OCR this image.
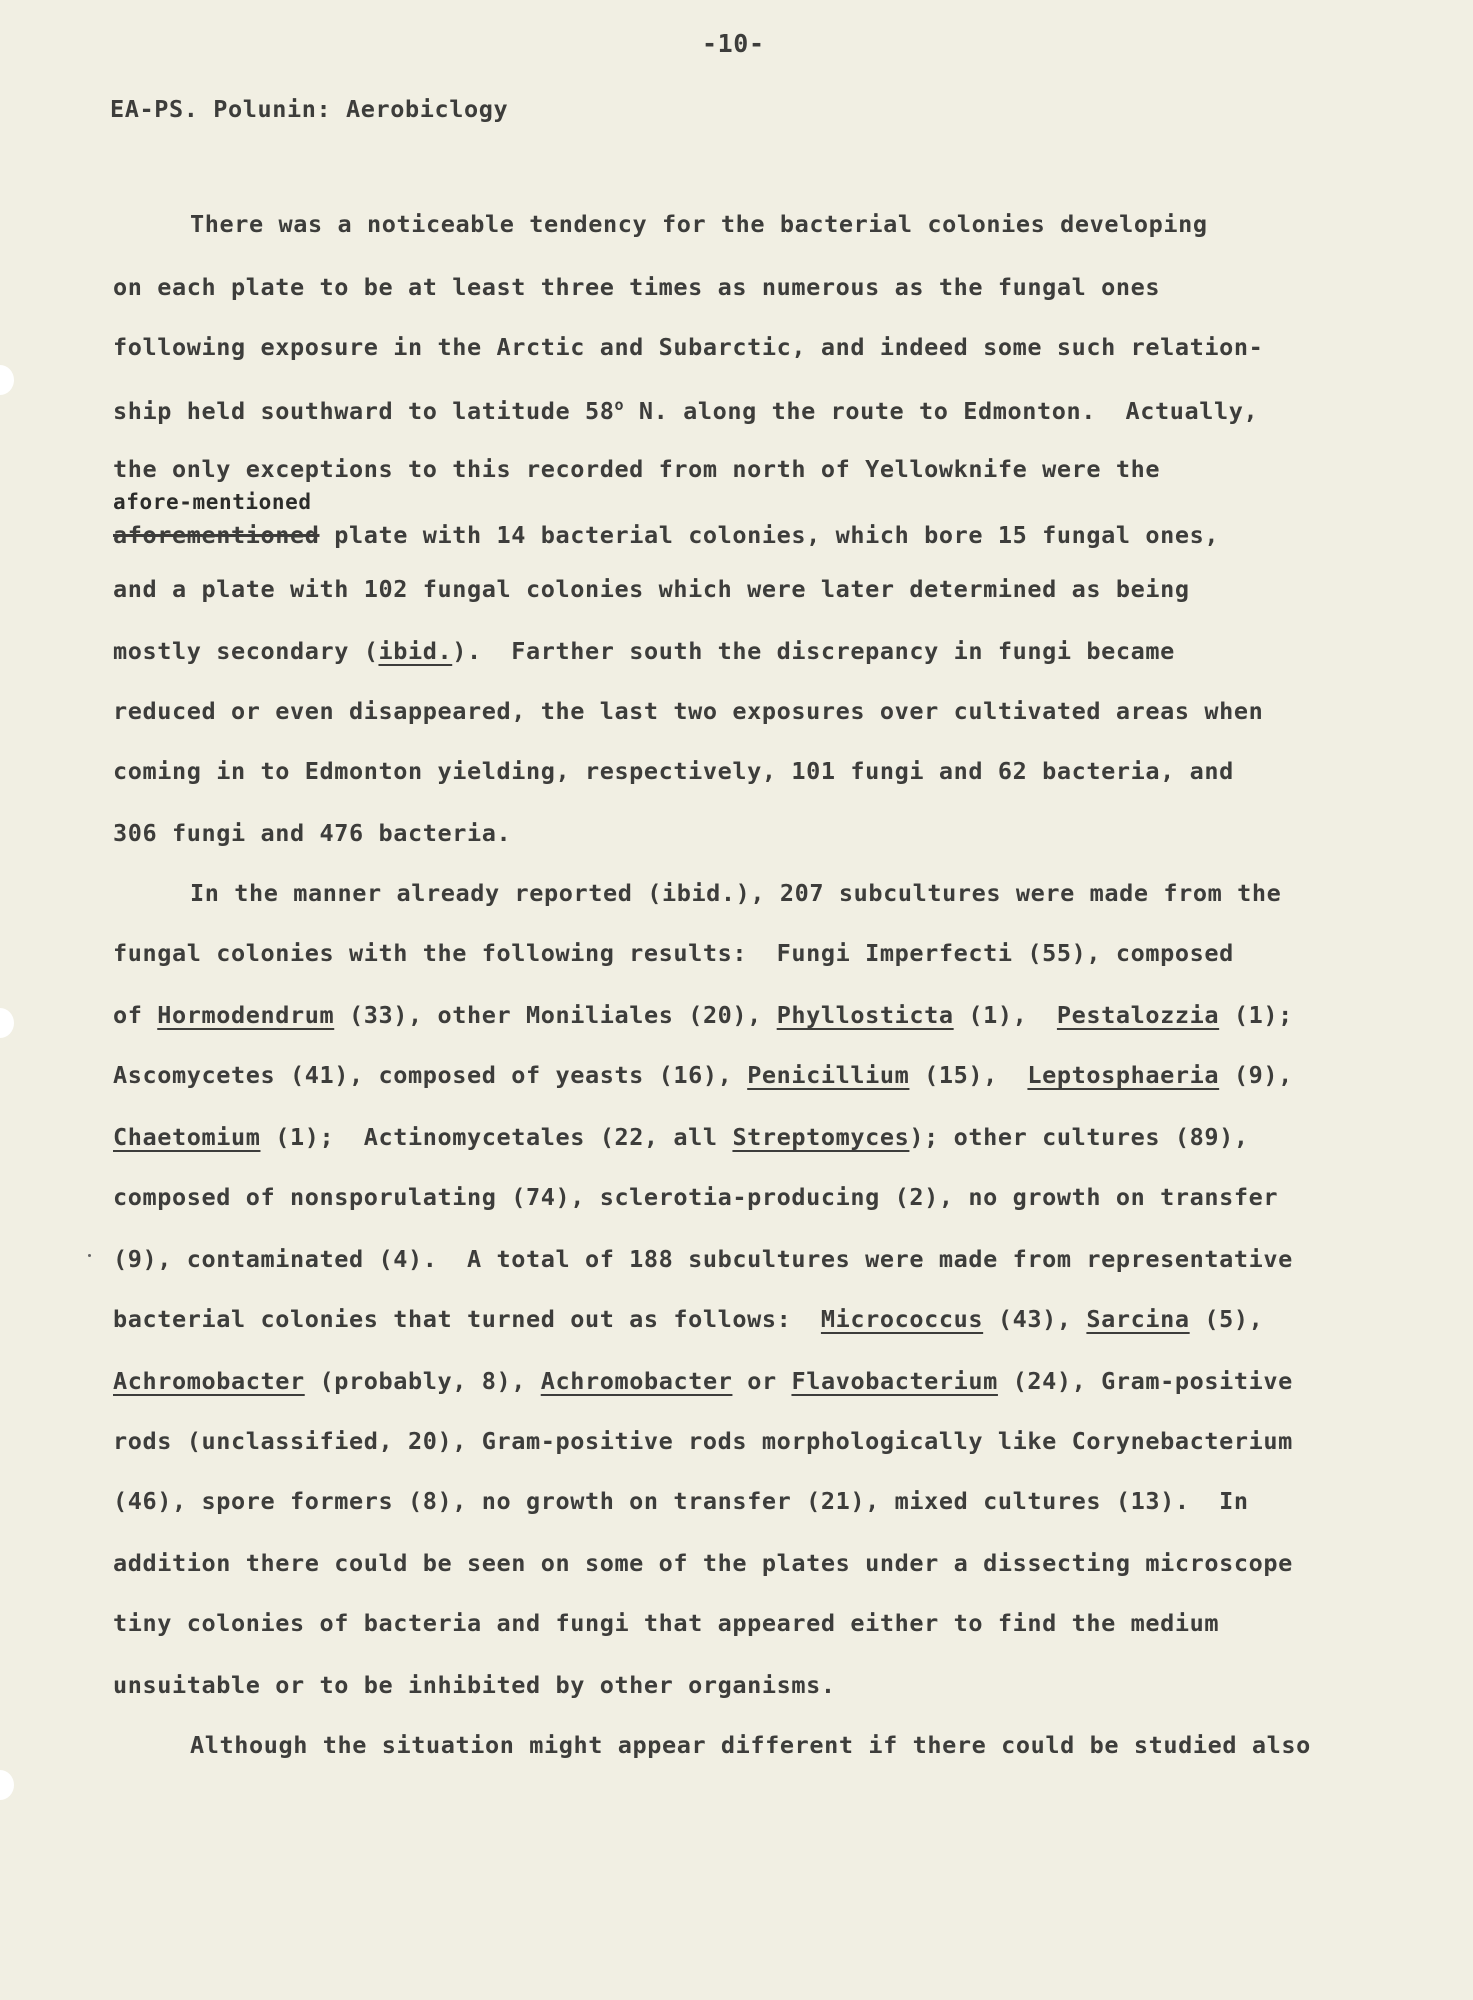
-10-
EA-PS. Polunin: Aerobiclogy
There was a noticeable tendency for the bacterial colonies developing
on each plate to be at least three times as numerous as the fungal ones
following exposure in the Arctic and Subarctic, and indeed some such relation-
ship held southward to latitude 58$^o$ N. along the route to Edmonton.  Actually,
the only exceptions to this recorded from north of Yellowknife were the
afore-mentioned
aforementioned plate with 14 bacterial colonies, which bore 15 fungal ones,
and a plate with 102 fungal colonies which were later determined as being
mostly secondary (ibid.).  Farther south the discrepancy in fungi became
reduced or even disappeared, the last two exposures over cultivated areas when
coming in to Edmonton yielding, respectively, 101 fungi and 62 bacteria, and
306 fungi and 476 bacteria.
In the manner already reported (ibid.), 207 subcultures were made from the
fungal colonies with the following results:  Fungi Imperfecti (55), composed
of Hormodendrum (33), other Moniliales (20), Phyllosticta (1),  Pestalozzia (1);
Ascomycetes (41), composed of yeasts (16), Penicillium (15),  Leptosphaeria (9),
Chaetomium (1);  Actinomycetales (22, all Streptomyces); other cultures (89),
composed of nonsporulating (74), sclerotia-producing (2), no growth on transfer
(9), contaminated (4).  A total of 188 subcultures were made from representative
bacterial colonies that turned out as follows:  Micrococcus (43), Sarcina (5),
Achromobacter (probably, 8), Achromobacter or Flavobacterium (24), Gram-positive
rods (unclassified, 20), Gram-positive rods morphologically like Corynebacterium
(46), spore formers (8), no growth on transfer (21), mixed cultures (13).  In
addition there could be seen on some of the plates under a dissecting microscope
tiny colonies of bacteria and fungi that appeared either to find the medium
unsuitable or to be inhibited by other organisms.
Although the situation might appear different if there could be studied also
